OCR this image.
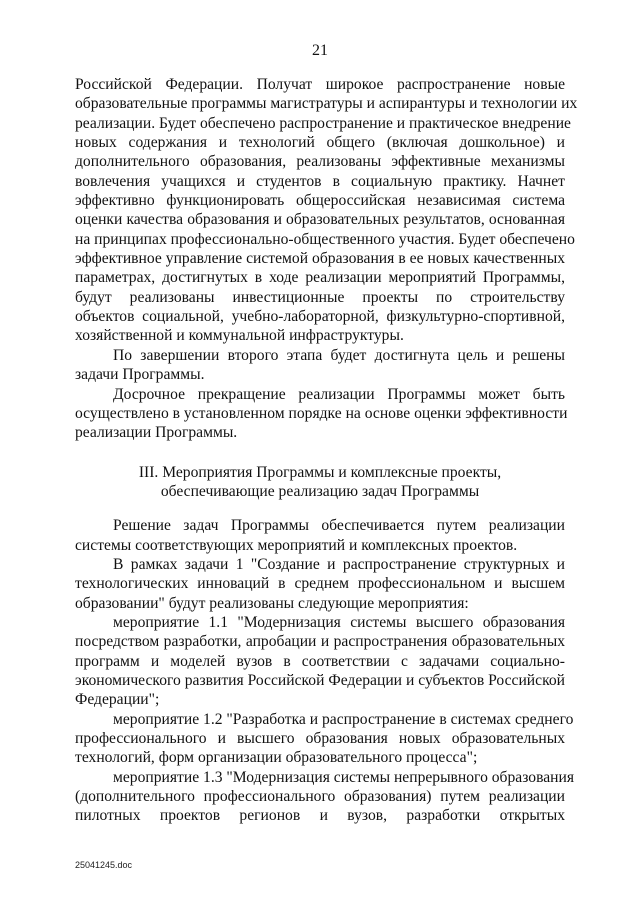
21
Российской Федерации. Получат широкое распространение новые
образовательные программы магистратуры и аспирантуры и технологии их
реализации. Будет обеспечено распространение и практическое внедрение
новых содержания и технологий общего (включая дошкольное) и
дополнительного образования, реализованы эффективные механизмы
вовлечения учащихся и студентов в социальную практику. Начнет
эффективно функционировать общероссийская независимая система
оценки качества образования и образовательных результатов, основанная
на принципах профессионально-общественного участия. Будет обеспечено
эффективное управление системой образования в ее новых качественных
параметрах, достигнутых в ходе реализации мероприятий Программы,
будут реализованы инвестиционные проекты по строительству
объектов социальной, учебно-лабораторной, физкультурно-спортивной,
хозяйственной и коммунальной инфраструктуры.
По завершении второго этапа будет достигнута цель и решены
задачи Программы.
Досрочное прекращение реализации Программы может быть
осуществлено в установленном порядке на основе оценки эффективности
реализации Программы.
III. Мероприятия Программы и комплексные проекты,
обеспечивающие реализацию задач Программы
Решение задач Программы обеспечивается путем реализации
системы соответствующих мероприятий и комплексных проектов.
В рамках задачи 1 "Создание и распространение структурных и
технологических инноваций в среднем профессиональном и высшем
образовании" будут реализованы следующие мероприятия:
мероприятие 1.1 "Модернизация системы высшего образования
посредством разработки, апробации и распространения образовательных
программ и моделей вузов в соответствии с задачами социально-
экономического развития Российской Федерации и субъектов Российской
Федерации";
мероприятие 1.2 "Разработка и распространение в системах среднего
профессионального и высшего образования новых образовательных
технологий, форм организации образовательного процесса";
мероприятие 1.3 "Модернизация системы непрерывного образования
(дополнительного профессионального образования) путем реализации
пилотных проектов регионов и вузов, разработки открытых
25041245.doc
